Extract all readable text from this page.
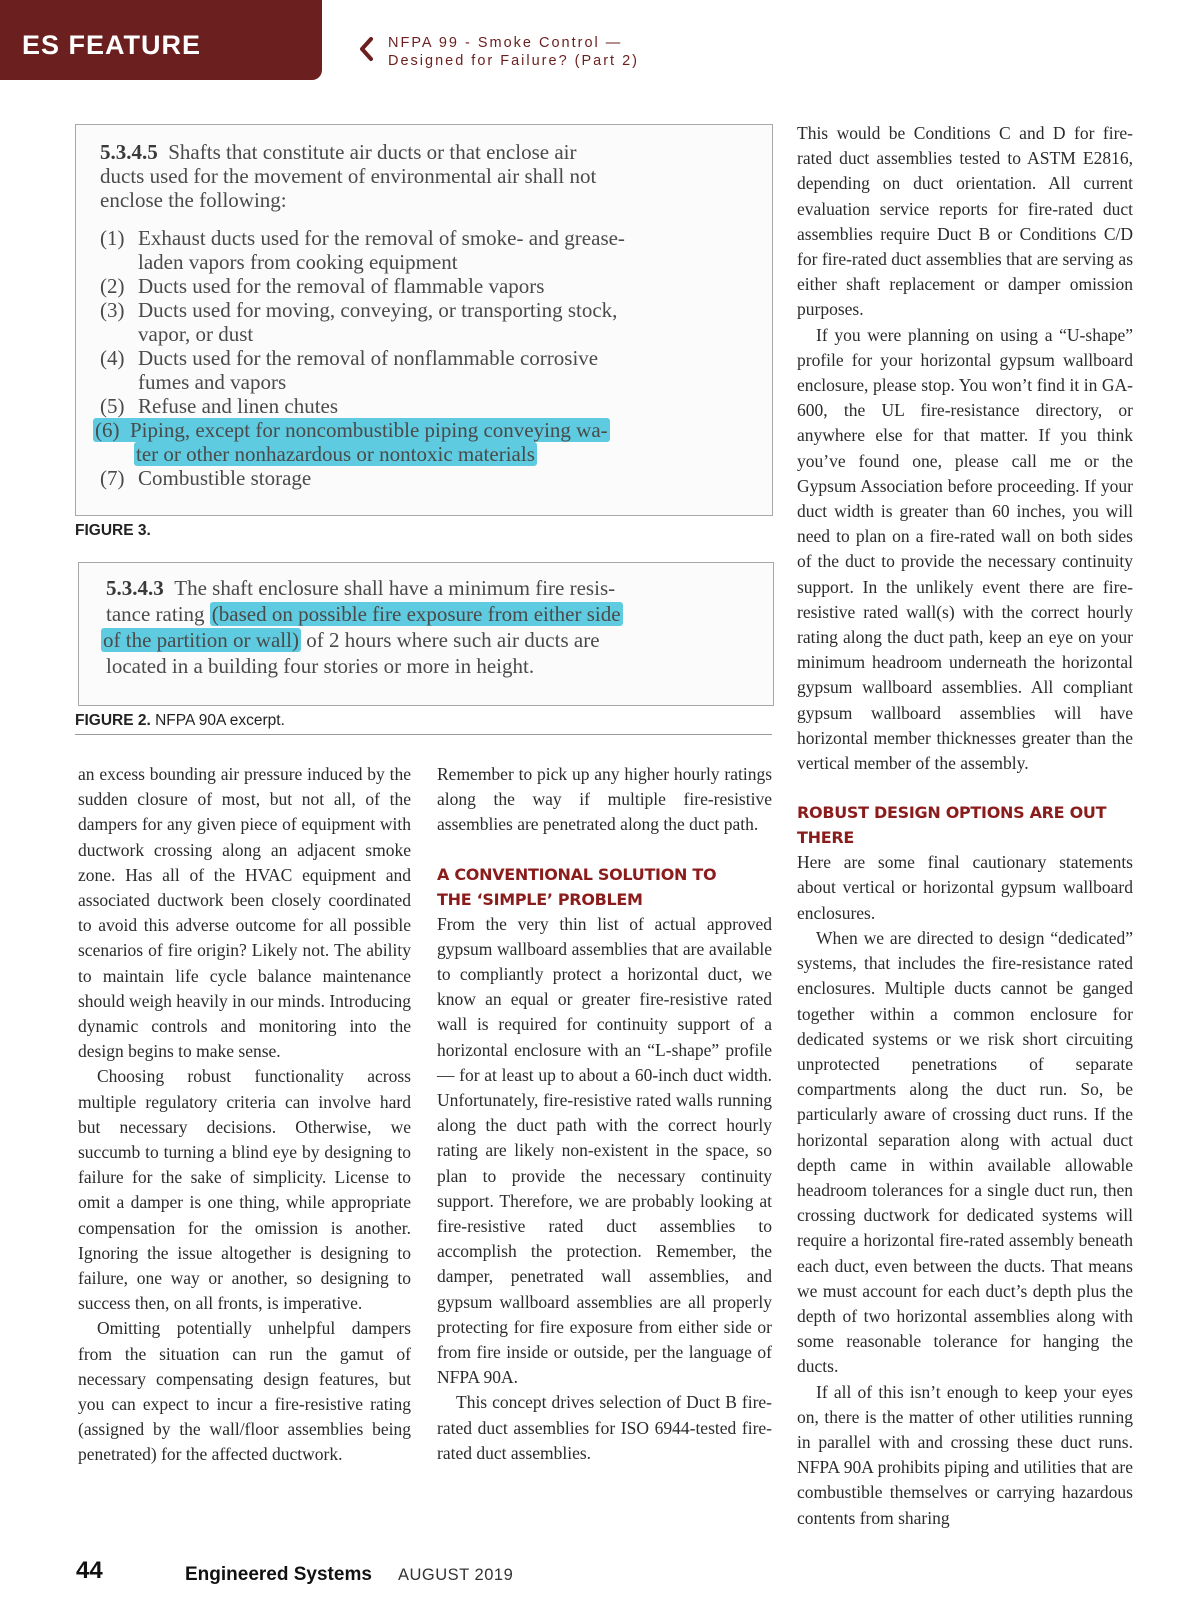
ES FEATURE	NFPA 99 - Smoke Control —
Designed for Failure? (Part 2)
5.3.4.5 Shafts that constitute air ducts or that enclose air
ducts used for the movement of environmental air shall not
enclose the following:
(1) Exhaust ducts used for the removal of smoke- and grease-
laden vapors from cooking equipment
(2) Ducts used for the removal of flammable vapors
(3) Ducts used for moving, conveying, or transporting stock,
vapor, or dust
(4) Ducts used for the removal of nonflammable corrosive
fumes and vapors
(5) Refuse and linen chutes
(6) Piping, except for noncombustible piping conveying wa-
ter or other nonhazardous or nontoxic materials
(7) Combustible storage
FIGURE 3.
5.3.4.3 The shaft enclosure shall have a minimum fire resis-
tance rating (based on possible fire exposure from either side
of the partition or wall) of 2 hours where such air ducts are
located in a building four stories or more in height.
FIGURE 2. NFPA 90A excerpt.

an excess bounding air pressure induced by the sudden closure of most, but not all, of the dampers for any given piece of equipment with ductwork crossing along an adjacent smoke zone. Has all of the HVAC equipment and associated ductwork been closely coordinated to avoid this adverse outcome for all possible scenarios of fire origin? Likely not. The ability to maintain life cycle balance maintenance should weigh heavily in our minds. Introducing dynamic controls and monitoring into the design begins to make sense.

Choosing robust functionality across multiple regulatory criteria can involve hard but necessary decisions. Otherwise, we succumb to turning a blind eye by designing to failure for the sake of simplicity. License to omit a damper is one thing, while appropriate compensation for the omission is another. Ignoring the issue altogether is designing to failure, one way or another, so designing to success then, on all fronts, is imperative.

Omitting potentially unhelpful dampers from the situation can run the gamut of necessary compensating design features, but you can expect to incur a fire-resistive rating (assigned by the wall/floor assemblies being penetrated) for the affected ductwork.

Remember to pick up any higher hourly ratings along the way if multiple fire-resistive assemblies are penetrated along the duct path.

A CONVENTIONAL SOLUTION TO
THE ‘SIMPLE’ PROBLEM

From the very thin list of actual approved gypsum wallboard assemblies that are available to compliantly protect a horizontal duct, we know an equal or greater fire-resistive rated wall is required for continuity support of a horizontal enclosure with an “L-shape” profile — for at least up to about a 60-inch duct width. Unfortunately, fire-resistive rated walls running along the duct path with the correct hourly rating are likely non-existent in the space, so plan to provide the necessary continuity support. Therefore, we are probably looking at fire-resistive rated duct assemblies to accomplish the protection. Remember, the damper, penetrated wall assemblies, and gypsum wallboard assemblies are all properly protecting for fire exposure from either side or from fire inside or outside, per the language of NFPA 90A.

This concept drives selection of Duct B fire-rated duct assemblies for ISO 6944-tested fire-rated duct assemblies.

This would be Conditions C and D for fire-rated duct assemblies tested to ASTM E2816, depending on duct orientation. All current evaluation service reports for fire-rated duct assemblies require Duct B or Conditions C/D for fire-rated duct assemblies that are serving as either shaft replacement or damper omission purposes.

If you were planning on using a “U-shape” profile for your horizontal gypsum wallboard enclosure, please stop. You won’t find it in GA-600, the UL fire-resistance directory, or anywhere else for that matter. If you think you’ve found one, please call me or the Gypsum Association before proceeding. If your duct width is greater than 60 inches, you will need to plan on a fire-rated wall on both sides of the duct to provide the necessary continuity support. In the unlikely event there are fire-resistive rated wall(s) with the correct hourly rating along the duct path, keep an eye on your minimum headroom underneath the horizontal gypsum wallboard assemblies. All compliant gypsum wallboard assemblies will have horizontal member thicknesses greater than the vertical member of the assembly.

ROBUST DESIGN OPTIONS ARE OUT THERE

Here are some final cautionary statements about vertical or horizontal gypsum wallboard enclosures.

When we are directed to design “dedicated” systems, that includes the fire-resistance rated enclosures. Multiple ducts cannot be ganged together within a common enclosure for dedicated systems or we risk short circuiting unprotected penetrations of separate compartments along the duct run. So, be particularly aware of crossing duct runs. If the horizontal separation along with actual duct depth came in within available allowable headroom tolerances for a single duct run, then crossing ductwork for dedicated systems will require a horizontal fire-rated assembly beneath each duct, even between the ducts. That means we must account for each duct’s depth plus the depth of two horizontal assemblies along with some reasonable tolerance for hanging the ducts.

If all of this isn’t enough to keep your eyes on, there is the matter of other utilities running in parallel with and crossing these duct runs. NFPA 90A prohibits piping and utilities that are combustible themselves or carrying hazardous contents from sharing

44	Engineered Systems AUGUST 2019
